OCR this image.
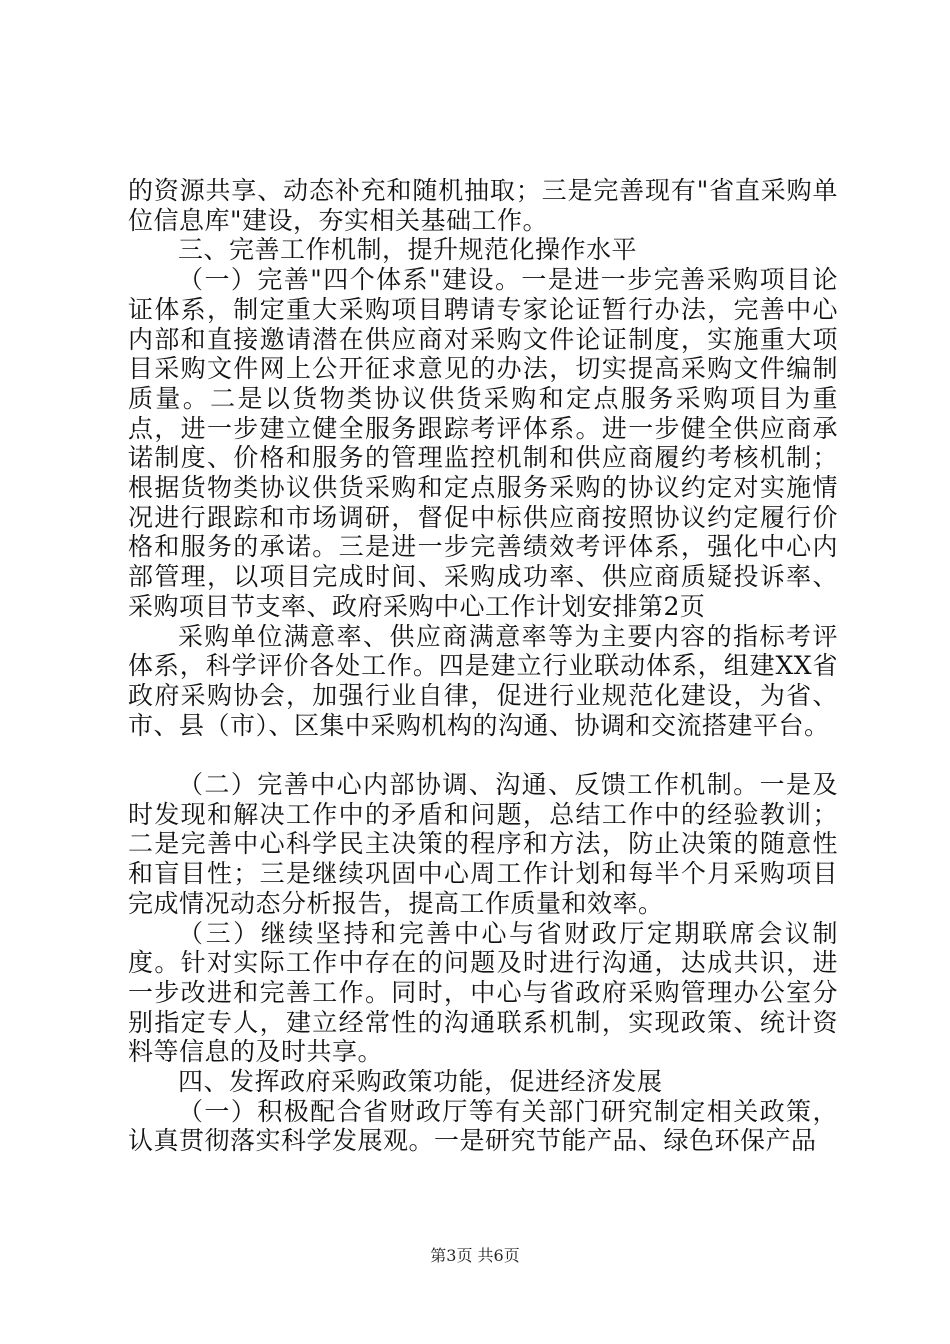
的资源共享、动态补充和随机抽取；三是完善现有"省直采购单位信息库"建设，夯实相关基础工作。

三、完善工作机制，提升规范化操作水平

（一）完善"四个体系"建设。一是进一步完善采购项目论证体系，制定重大采购项目聘请专家论证暂行办法，完善中心内部和直接邀请潜在供应商对采购文件论证制度，实施重大项目采购文件网上公开征求意见的办法，切实提高采购文件编制质量。二是以货物类协议供货采购和定点服务采购项目为重点，进一步建立健全服务跟踪考评体系。进一步健全供应商承诺制度、价格和服务的管理监控机制和供应商履约考核机制；根据货物类协议供货采购和定点服务采购的协议约定对实施情况进行跟踪和市场调研，督促中标供应商按照协议约定履行价格和服务的承诺。三是进一步完善绩效考评体系，强化中心内部管理，以项目完成时间、采购成功率、供应商质疑投诉率、采购项目节支率、政府采购中心工作计划安排第2页

采购单位满意率、供应商满意率等为主要内容的指标考评体系，科学评价各处工作。四是建立行业联动体系，组建XX省政府采购协会，加强行业自律，促进行业规范化建设，为省、市、县（市）、区集中采购机构的沟通、协调和交流搭建平台。

（二）完善中心内部协调、沟通、反馈工作机制。一是及时发现和解决工作中的矛盾和问题，总结工作中的经验教训；二是完善中心科学民主决策的程序和方法，防止决策的随意性和盲目性；三是继续巩固中心周工作计划和每半个月采购项目完成情况动态分析报告，提高工作质量和效率。

（三）继续坚持和完善中心与省财政厅定期联席会议制度。针对实际工作中存在的问题及时进行沟通，达成共识，进一步改进和完善工作。同时，中心与省政府采购管理办公室分别指定专人，建立经常性的沟通联系机制，实现政策、统计资料等信息的及时共享。

四、发挥政府采购政策功能，促进经济发展

（一）积极配合省财政厅等有关部门研究制定相关政策，认真贯彻落实科学发展观。一是研究节能产品、绿色环保产品

第3页 共6页
